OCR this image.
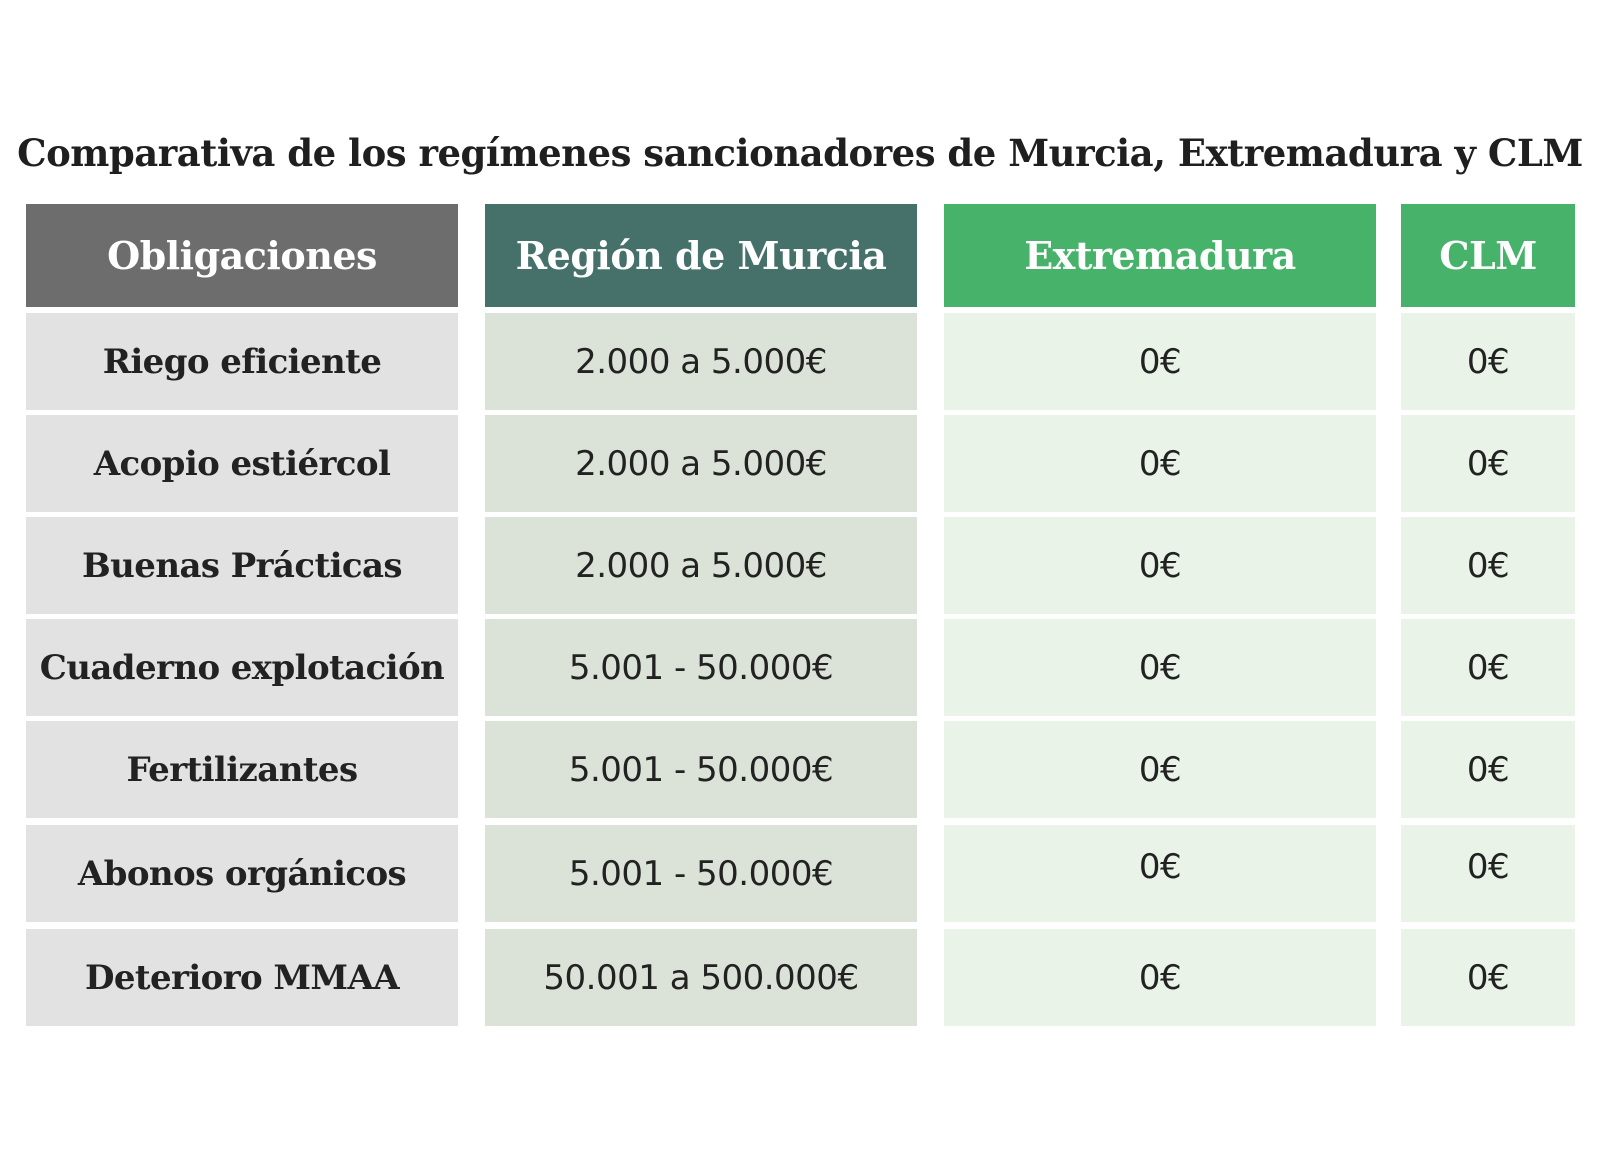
Comparativa de los regímenes sancionadores de Murcia, Extremadura y CLM
Obligaciones	Región de Murcia	Extremadura	CLM
Riego eficiente	2.000 a 5.000€	0€	0€
Acopio estiércol	2.000 a 5.000€	0€	0€
Buenas Prácticas	2.000 a 5.000€	0€	0€
Cuaderno explotación	5.001 - 50.000€	0€	0€
Fertilizantes	5.001 - 50.000€	0€	0€
Abonos orgánicos	5.001 - 50.000€	0€	0€
Deterioro MMAA	50.001 a 500.000€	0€	0€
